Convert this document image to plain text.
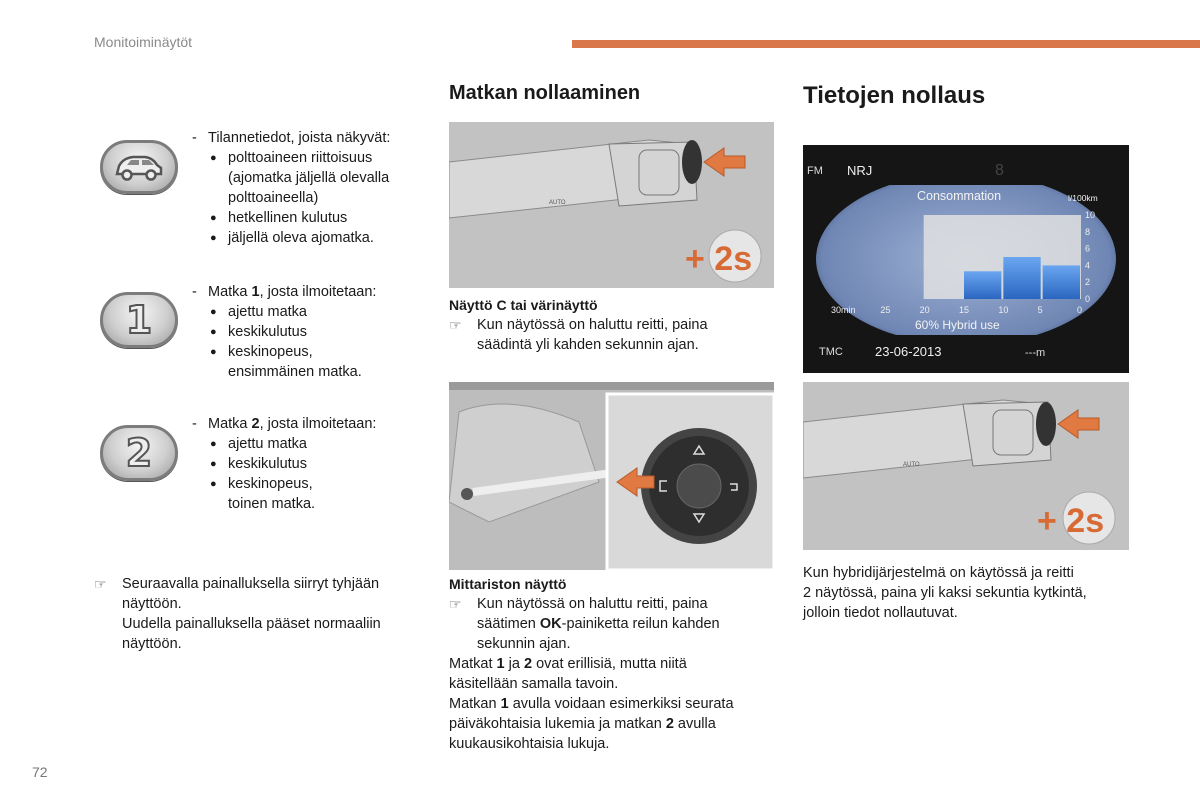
Monitoiminäytöt
- Tilannetiedot, joista näkyvät:
● polttoaineen riittoisuus
(ajomatka jäljellä olevalla
polttoaineella)
● hetkellinen kulutus
● jäljellä oleva ajomatka.
1
- Matka 1, josta ilmoitetaan:
● ajettu matka
● keskikulutus
● keskinopeus,
ensimmäinen matka.
2
- Matka 2, josta ilmoitetaan:
● ajettu matka
● keskikulutus
● keskinopeus,
toinen matka.
☞ Seuraavalla painalluksella siirryt tyhjään
näyttöön.
Uudella painalluksella pääset normaaliin
näyttöön.
Matkan nollaaminen
AUTO
+ 2s
Näyttö C tai värinäyttö
☞ Kun näytössä on haluttu reitti, paina
säädintä yli kahden sekunnin ajan.
Mittariston näyttö
☞ Kun näytössä on haluttu reitti, paina
säätimen OK-painiketta reilun kahden
sekunnin ajan.
Matkat 1 ja 2 ovat erillisiä, mutta niitä
käsitellään samalla tavoin.
Matkan 1 avulla voidaan esimerkiksi seurata
päiväkohtaisia lukemia ja matkan 2 avulla
kuukausikohtaisia lukuja.
Tietojen nollaus
FM NRJ	8
Consommation	l/100km
30min	25	20	15	10	5	0
10
8
6
4
2
0
60% Hybrid use
TMC 23-06-2013	---m
AUTO
+ 2s
Kun hybridijärjestelmä on käytössä ja reitti
2 näytössä, paina yli kaksi sekuntia kytkintä,
jolloin tiedot nollautuvat.
72
